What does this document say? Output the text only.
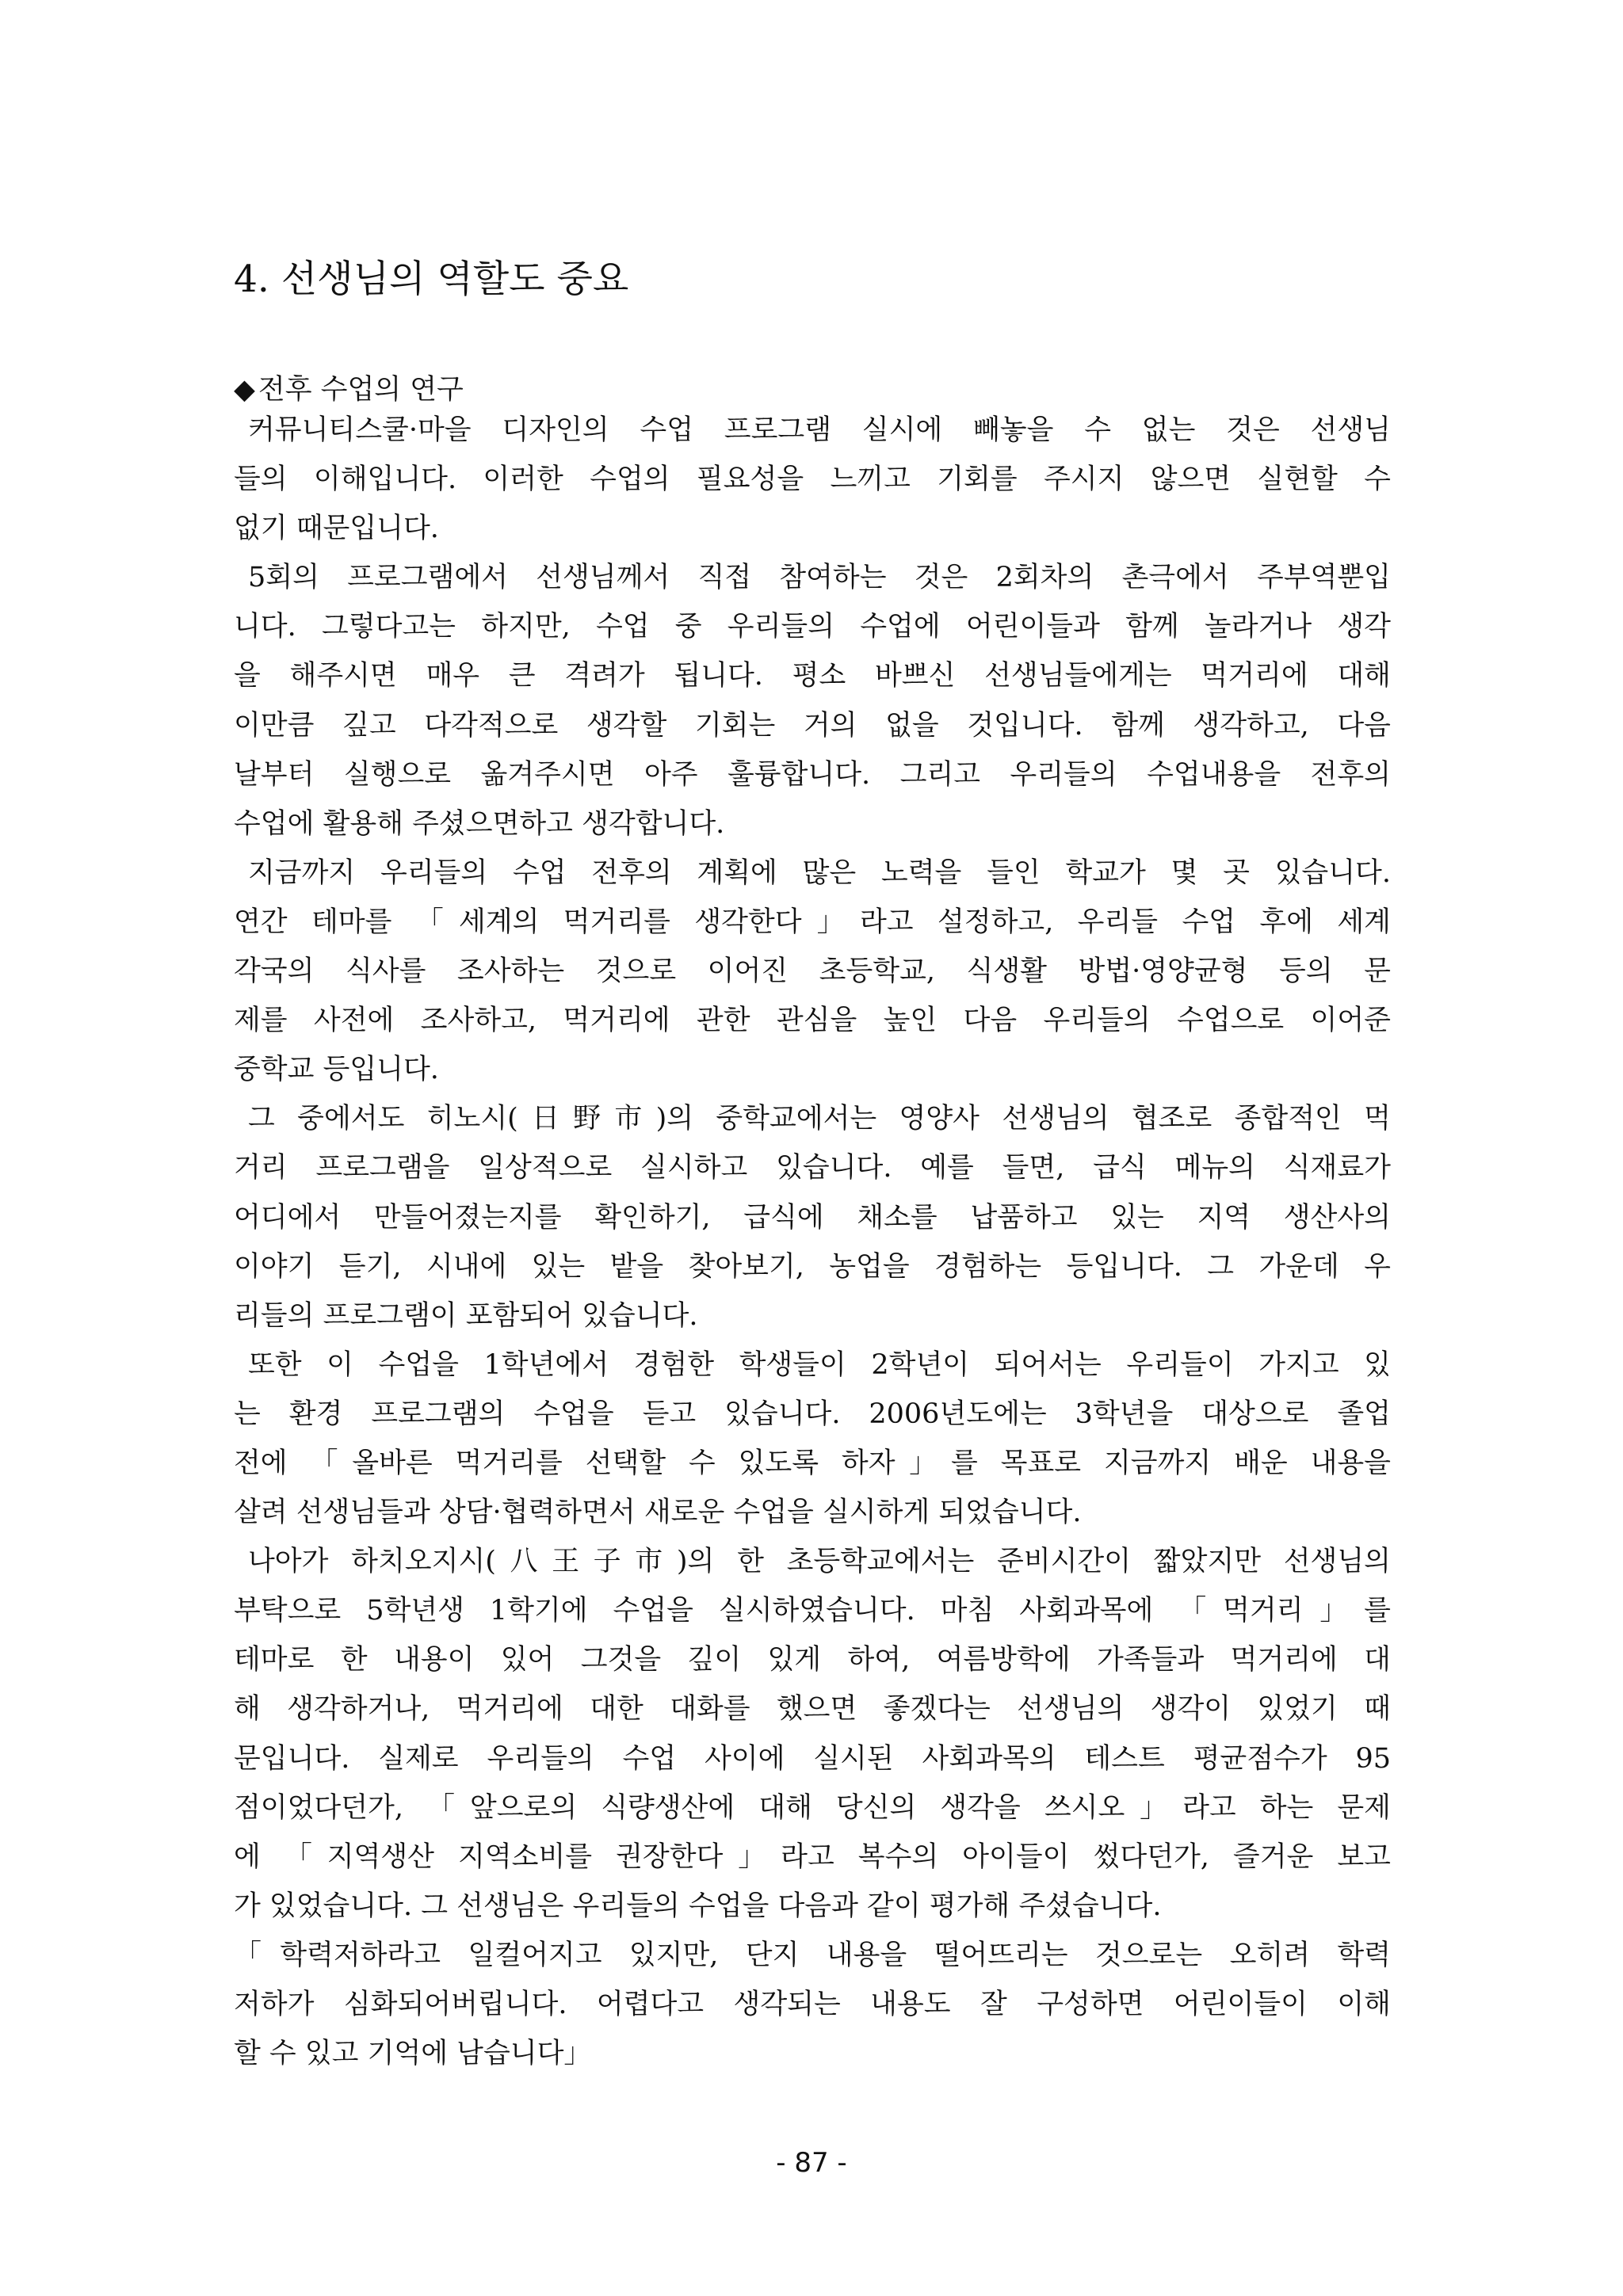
4. 선생님의 역할도 중요
◆ 전후 수업의 연구
커뮤니티스쿨·마을 디자인의 수업 프로그램 실시에 빼놓을 수 없는 것은 선생님
들의 이해입니다. 이러한 수업의 필요성을 느끼고 기회를 주시지 않으면 실현할 수
없기 때문입니다.
5회의 프로그램에서 선생님께서 직접 참여하는 것은 2회차의 촌극에서 주부역뿐입
니다. 그렇다고는 하지만, 수업 중 우리들의 수업에 어린이들과 함께 놀라거나 생각
을 해주시면 매우 큰 격려가 됩니다. 평소 바쁘신 선생님들에게는 먹거리에 대해
이만큼 깊고 다각적으로 생각할 기회는 거의 없을 것입니다. 함께 생각하고, 다음
날부터 실행으로 옮겨주시면 아주 훌륭합니다. 그리고 우리들의 수업내용을 전후의
수업에 활용해 주셨으면하고 생각합니다.
지금까지 우리들의 수업 전후의 계획에 많은 노력을 들인 학교가 몇 곳 있습니다.
연간 테마를 「세계의 먹거리를 생각한다」라고 설정하고, 우리들 수업 후에 세계
각국의 식사를 조사하는 것으로 이어진 초등학교, 식생활 방법·영양균형 등의 문
제를 사전에 조사하고, 먹거리에 관한 관심을 높인 다음 우리들의 수업으로 이어준
중학교 등입니다.
그 중에서도 히노시(日野市)의 중학교에서는 영양사 선생님의 협조로 종합적인 먹
거리 프로그램을 일상적으로 실시하고 있습니다. 예를 들면, 급식 메뉴의 식재료가
어디에서 만들어졌는지를 확인하기, 급식에 채소를 납품하고 있는 지역 생산사의
이야기 듣기, 시내에 있는 밭을 찾아보기, 농업을 경험하는 등입니다. 그 가운데 우
리들의 프로그램이 포함되어 있습니다.
또한 이 수업을 1학년에서 경험한 학생들이 2학년이 되어서는 우리들이 가지고 있
는 환경 프로그램의 수업을 듣고 있습니다. 2006년도에는 3학년을 대상으로 졸업
전에 「올바른 먹거리를 선택할 수 있도록 하자」를 목표로 지금까지 배운 내용을
살려 선생님들과 상담·협력하면서 새로운 수업을 실시하게 되었습니다.
나아가 하치오지시(八王子市)의 한 초등학교에서는 준비시간이 짧았지만 선생님의
부탁으로 5학년생 1학기에 수업을 실시하였습니다. 마침 사회과목에 「먹거리」를
테마로 한 내용이 있어 그것을 깊이 있게 하여, 여름방학에 가족들과 먹거리에 대
해 생각하거나, 먹거리에 대한 대화를 했으면 좋겠다는 선생님의 생각이 있었기 때
문입니다. 실제로 우리들의 수업 사이에 실시된 사회과목의 테스트 평균점수가 95
점이었다던가, 「앞으로의 식량생산에 대해 당신의 생각을 쓰시오」라고 하는 문제
에 「지역생산 지역소비를 권장한다」라고 복수의 아이들이 썼다던가, 즐거운 보고
가 있었습니다. 그 선생님은 우리들의 수업을 다음과 같이 평가해 주셨습니다.
「학력저하라고 일컬어지고 있지만, 단지 내용을 떨어뜨리는 것으로는 오히려 학력
저하가 심화되어버립니다. 어렵다고 생각되는 내용도 잘 구성하면 어린이들이 이해
할 수 있고 기억에 남습니다」
- 87 -
